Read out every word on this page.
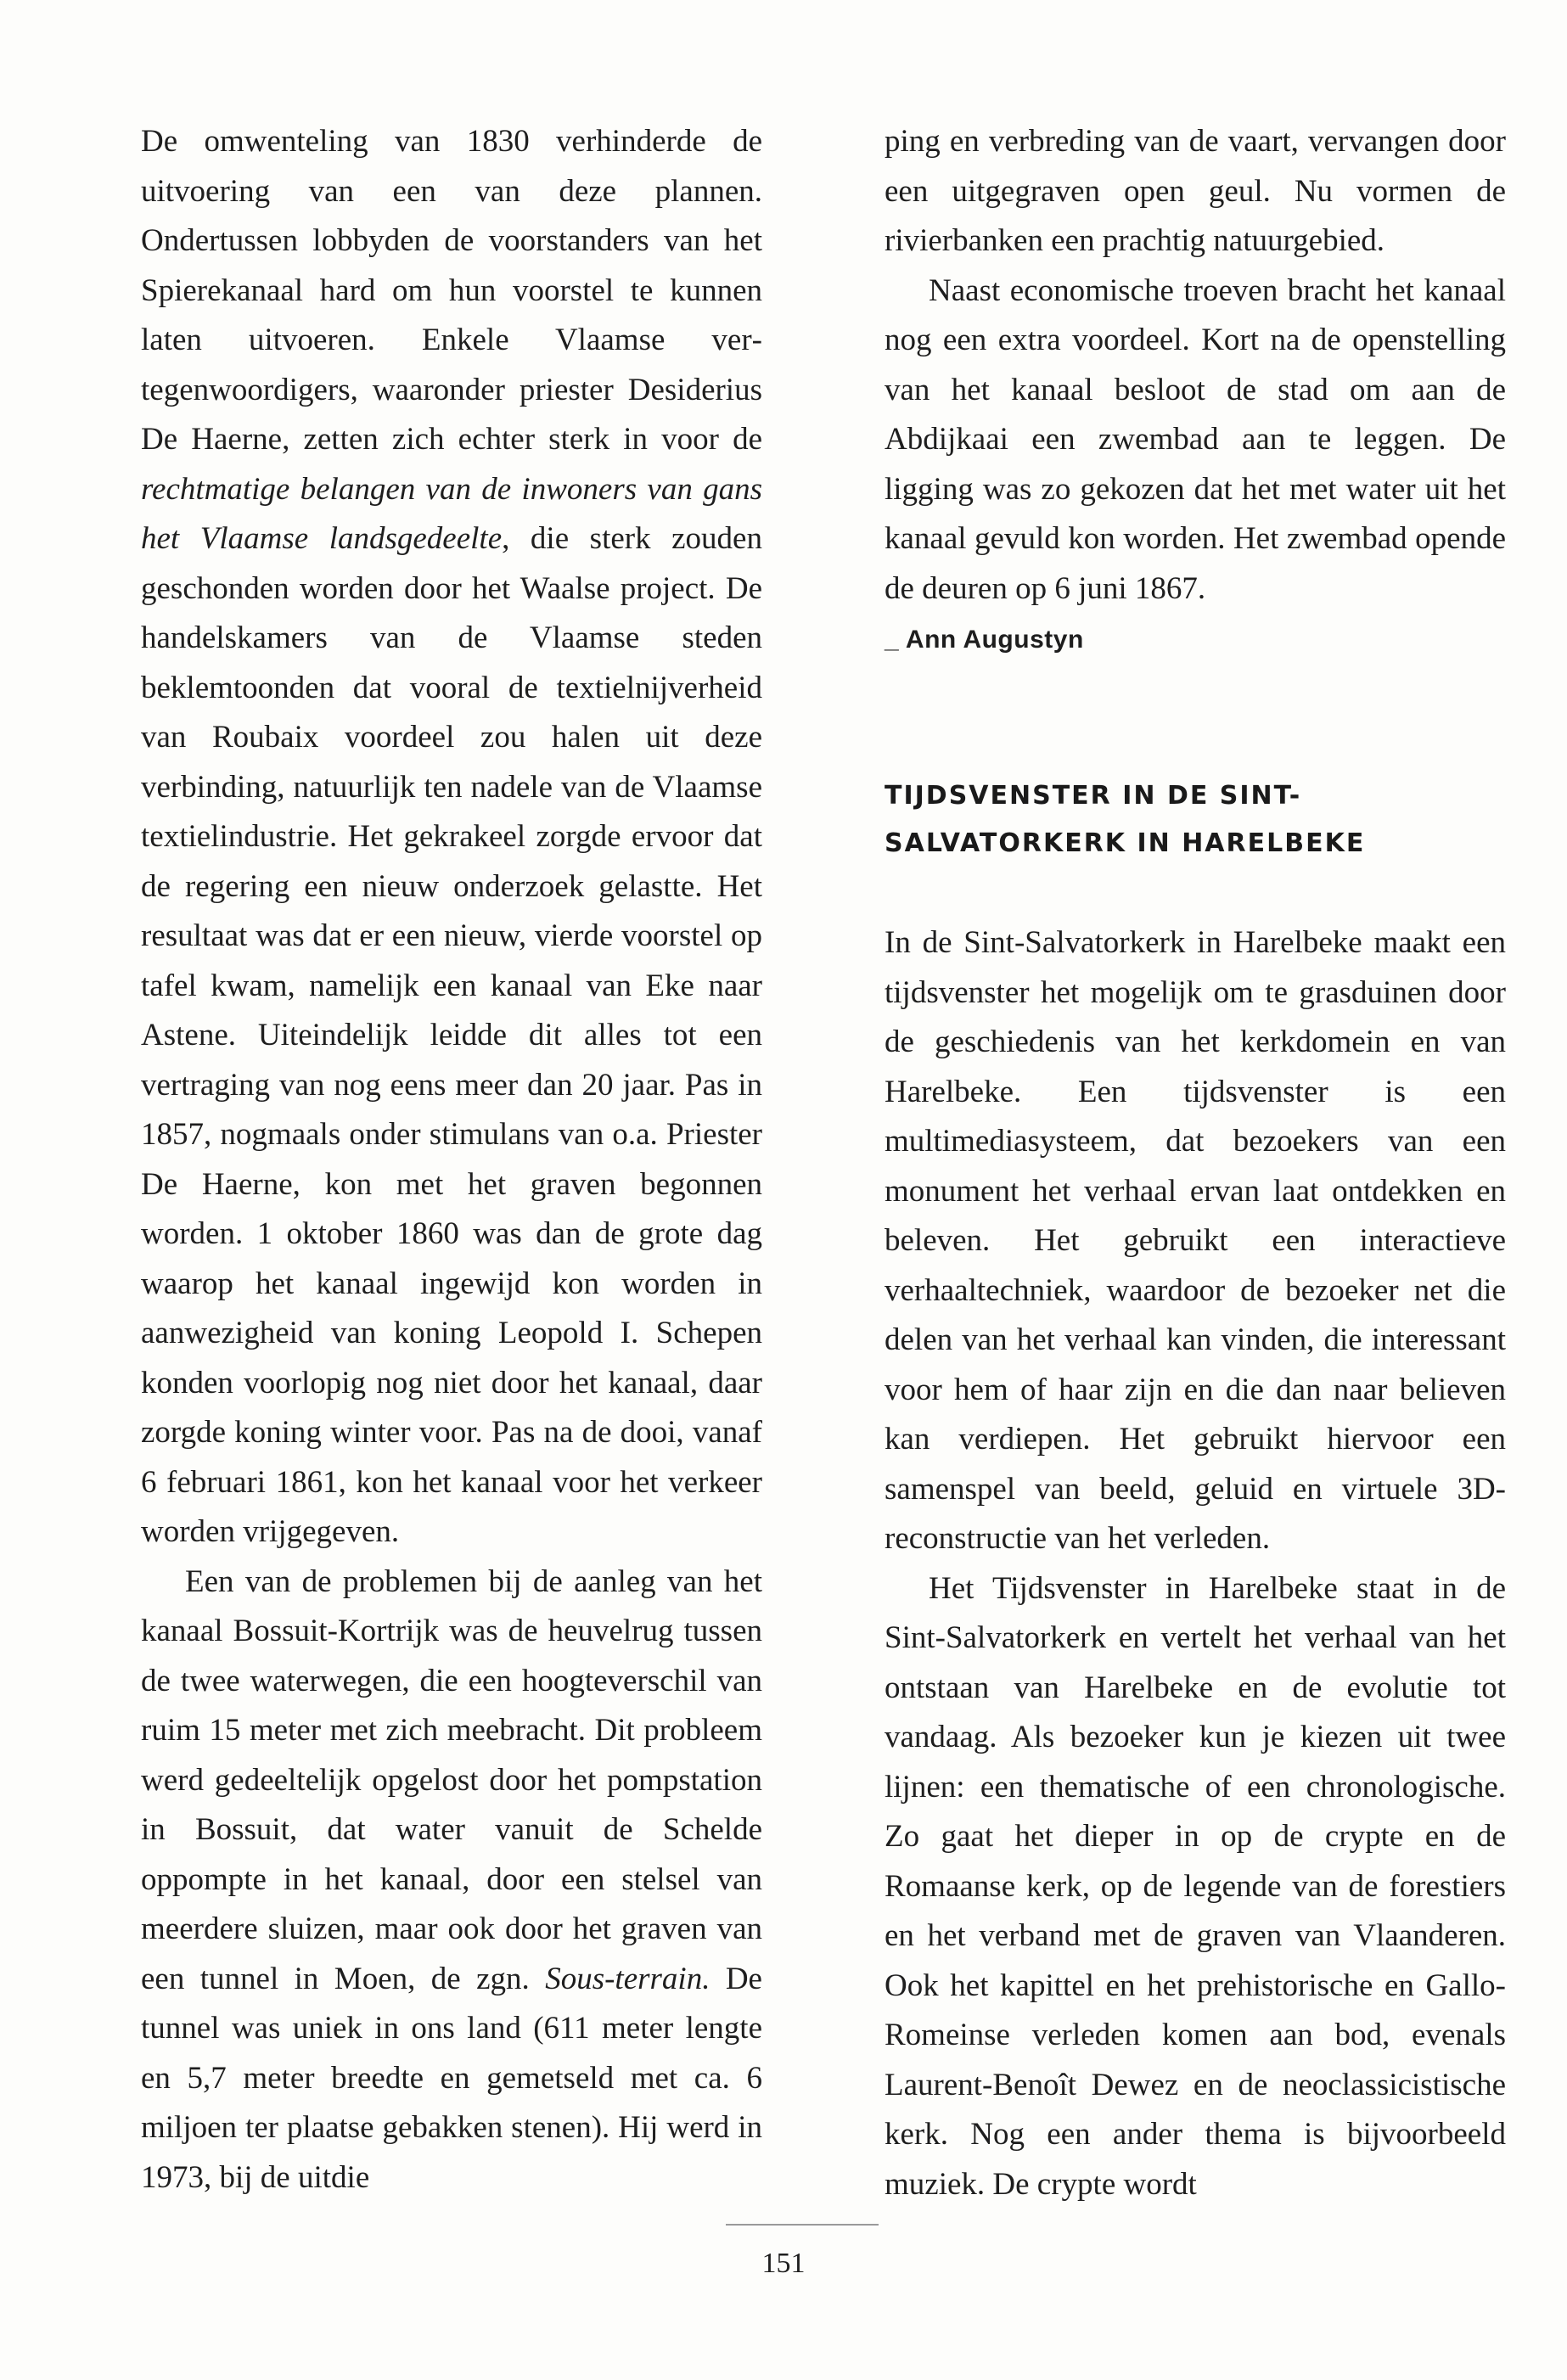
De omwenteling van 1830 verhinderde de uitvoering van een van deze plannen. Ondertussen lobbyden de voorstanders van het Spierekanaal hard om hun voorstel te kunnen laten uitvoeren. Enkele Vlaamse vertegenwoordigers, waaronder priester Desiderius De Haerne, zetten zich echter sterk in voor de rechtmatige belangen van de inwoners van gans het Vlaamse landsgedeelte, die sterk zouden geschonden worden door het Waalse project. De handelskamers van de Vlaamse steden beklemtoonden dat vooral de textielnijverheid van Roubaix voordeel zou halen uit deze verbinding, natuurlijk ten nadele van de Vlaamse textielindustrie. Het gekrakeel zorgde ervoor dat de regering een nieuw onderzoek gelastte. Het resultaat was dat er een nieuw, vierde voorstel op tafel kwam, namelijk een kanaal van Eke naar Astene. Uiteindelijk leidde dit alles tot een vertraging van nog eens meer dan 20 jaar. Pas in 1857, nogmaals onder stimulans van o.a. Priester De Haerne, kon met het graven begonnen worden. 1 oktober 1860 was dan de grote dag waarop het kanaal ingewijd kon worden in aanwezigheid van koning Leopold I. Schepen konden voorlopig nog niet door het kanaal, daar zorgde koning winter voor. Pas na de dooi, vanaf 6 februari 1861, kon het kanaal voor het verkeer worden vrijgegeven.

Een van de problemen bij de aanleg van het kanaal Bossuit-Kortrijk was de heuvelrug tussen de twee waterwegen, die een hoogteverschil van ruim 15 meter met zich meebracht. Dit probleem werd gedeeltelijk opgelost door het pompstation in Bossuit, dat water vanuit de Schelde oppompte in het kanaal, door een stelsel van meerdere sluizen, maar ook door het graven van een tunnel in Moen, de zgn. Sous-terrain. De tunnel was uniek in ons land (611 meter lengte en 5,7 meter breedte en gemetseld met ca. 6 miljoen ter plaatse gebakken stenen). Hij werd in 1973, bij de uitdie

ping en verbreding van de vaart, vervangen door een uitgegraven open geul. Nu vormen de rivierbanken een prachtig natuurgebied.

Naast economische troeven bracht het kanaal nog een extra voordeel. Kort na de openstelling van het kanaal besloot de stad om aan de Abdijkaai een zwembad aan te leggen. De ligging was zo gekozen dat het met water uit het kanaal gevuld kon worden. Het zwembad opende de deuren op 6 juni 1867.

_ Ann Augustyn

TIJDSVENSTER IN DE SINT-SALVATORKERK IN HARELBEKE

In de Sint-Salvatorkerk in Harelbeke maakt een tijdsvenster het mogelijk om te grasduinen door de geschiedenis van het kerkdomein en van Harelbeke. Een tijdsvenster is een multimediasysteem, dat bezoekers van een monument het verhaal ervan laat ontdekken en beleven. Het gebruikt een interactieve verhaaltechniek, waardoor de bezoeker net die delen van het verhaal kan vinden, die interessant voor hem of haar zijn en die dan naar believen kan verdiepen. Het gebruikt hiervoor een samenspel van beeld, geluid en virtuele 3D-reconstructie van het verleden.

Het Tijdsvenster in Harelbeke staat in de Sint-Salvatorkerk en vertelt het verhaal van het ontstaan van Harelbeke en de evolutie tot vandaag. Als bezoeker kun je kiezen uit twee lijnen: een thematische of een chronologische. Zo gaat het dieper in op de crypte en de Romaanse kerk, op de legende van de forestiers en het verband met de graven van Vlaanderen. Ook het kapittel en het prehistorische en Gallo-Romeinse verleden komen aan bod, evenals Laurent-Benoît Dewez en de neoclassicistische kerk. Nog een ander thema is bijvoorbeeld muziek. De crypte wordt

151
